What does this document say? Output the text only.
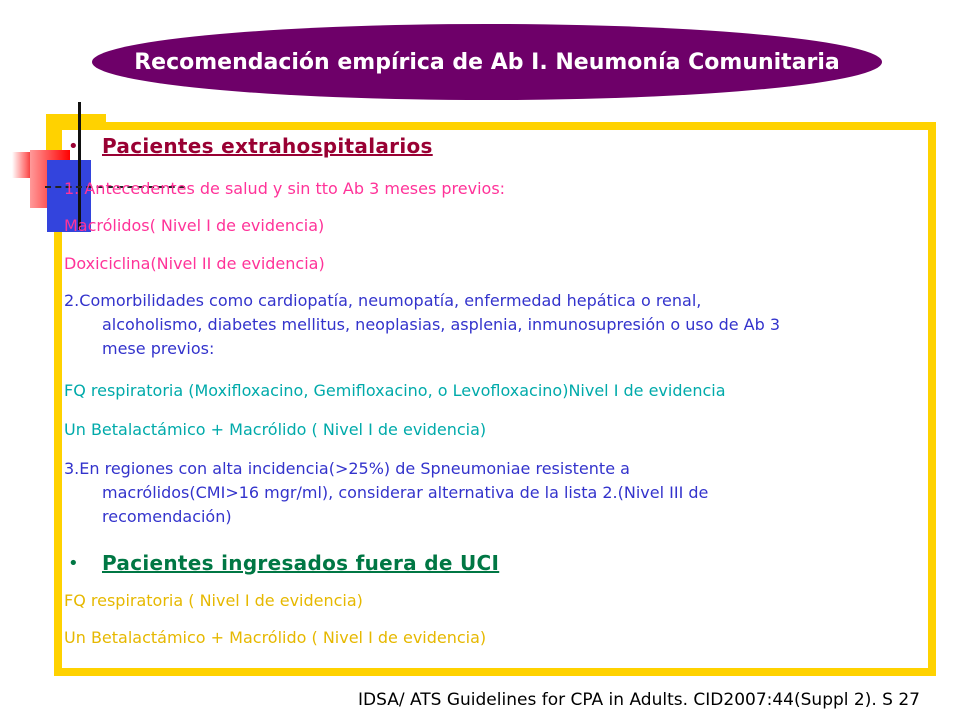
Recomendación empírica de Ab I. Neumonía Comunitaria
• Pacientes extrahospitalarios
1. Antecedentes de salud y sin tto Ab 3 meses previos:
Macrólidos( Nivel I de evidencia)
Doxiciclina(Nivel II de evidencia)
2.Comorbilidades como cardiopatía, neumopatía, enfermedad hepática o renal,
alcoholismo, diabetes mellitus, neoplasias, asplenia, inmunosupresión o uso de Ab 3
mese previos:
FQ respiratoria (Moxifloxacino, Gemifloxacino, o Levofloxacino)Nivel I de evidencia
Un Betalactámico + Macrólido ( Nivel I de evidencia)
3.En regiones con alta incidencia(>25%) de Spneumoniae resistente a
macrólidos(CMI>16 mgr/ml), considerar alternativa de la lista 2.(Nivel III de
recomendación)
• Pacientes ingresados fuera de UCI
FQ respiratoria ( Nivel I de evidencia)
Un Betalactámico + Macrólido ( Nivel I de evidencia)
IDSA/ ATS Guidelines for CPA in Adults. CID2007:44(Suppl 2). S 27
